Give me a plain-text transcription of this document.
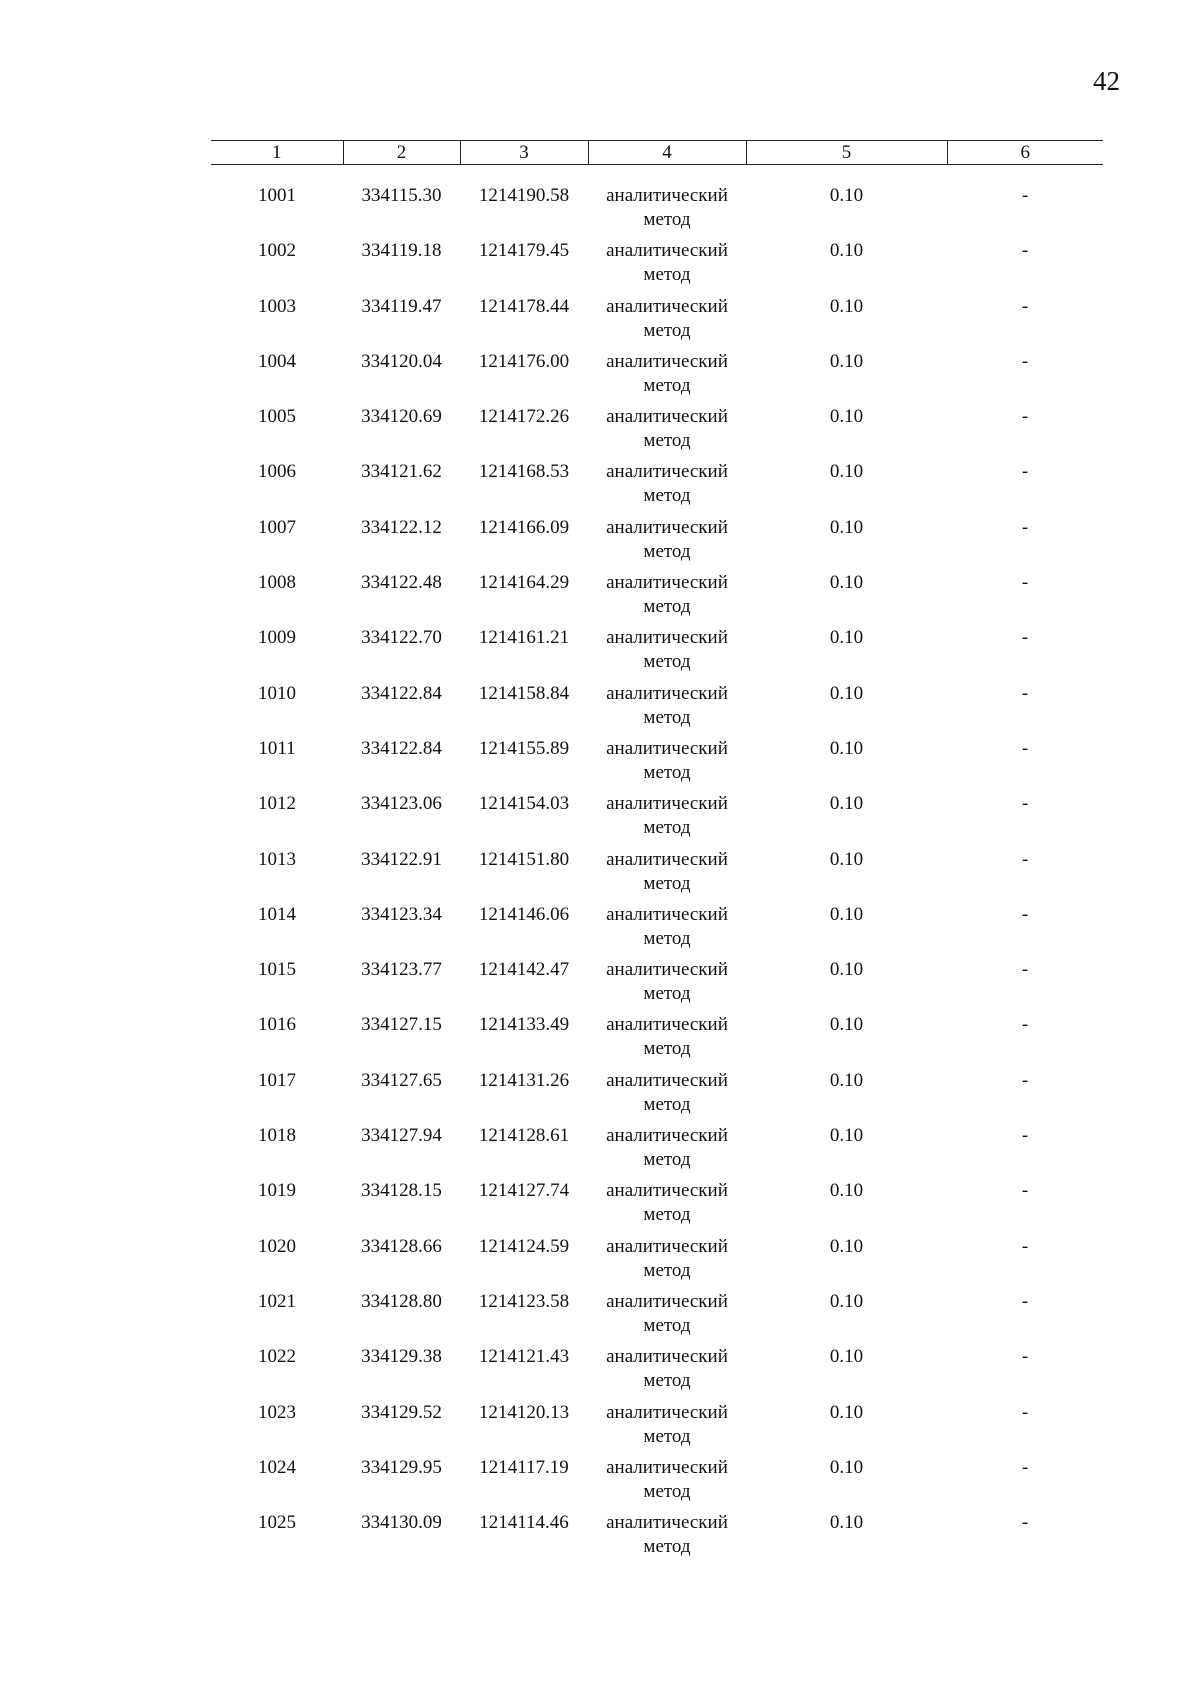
42
1	2	3	4	5	6

1001	334115.30	1214190.58	аналитический метод	0.10	-
1002	334119.18	1214179.45	аналитический метод	0.10	-
1003	334119.47	1214178.44	аналитический метод	0.10	-
1004	334120.04	1214176.00	аналитический метод	0.10	-
1005	334120.69	1214172.26	аналитический метод	0.10	-
1006	334121.62	1214168.53	аналитический метод	0.10	-
1007	334122.12	1214166.09	аналитический метод	0.10	-
1008	334122.48	1214164.29	аналитический метод	0.10	-
1009	334122.70	1214161.21	аналитический метод	0.10	-
1010	334122.84	1214158.84	аналитический метод	0.10	-
1011	334122.84	1214155.89	аналитический метод	0.10	-
1012	334123.06	1214154.03	аналитический метод	0.10	-
1013	334122.91	1214151.80	аналитический метод	0.10	-
1014	334123.34	1214146.06	аналитический метод	0.10	-
1015	334123.77	1214142.47	аналитический метод	0.10	-
1016	334127.15	1214133.49	аналитический метод	0.10	-
1017	334127.65	1214131.26	аналитический метод	0.10	-
1018	334127.94	1214128.61	аналитический метод	0.10	-
1019	334128.15	1214127.74	аналитический метод	0.10	-
1020	334128.66	1214124.59	аналитический метод	0.10	-
1021	334128.80	1214123.58	аналитический метод	0.10	-
1022	334129.38	1214121.43	аналитический метод	0.10	-
1023	334129.52	1214120.13	аналитический метод	0.10	-
1024	334129.95	1214117.19	аналитический метод	0.10	-
1025	334130.09	1214114.46	аналитический метод	0.10	-
